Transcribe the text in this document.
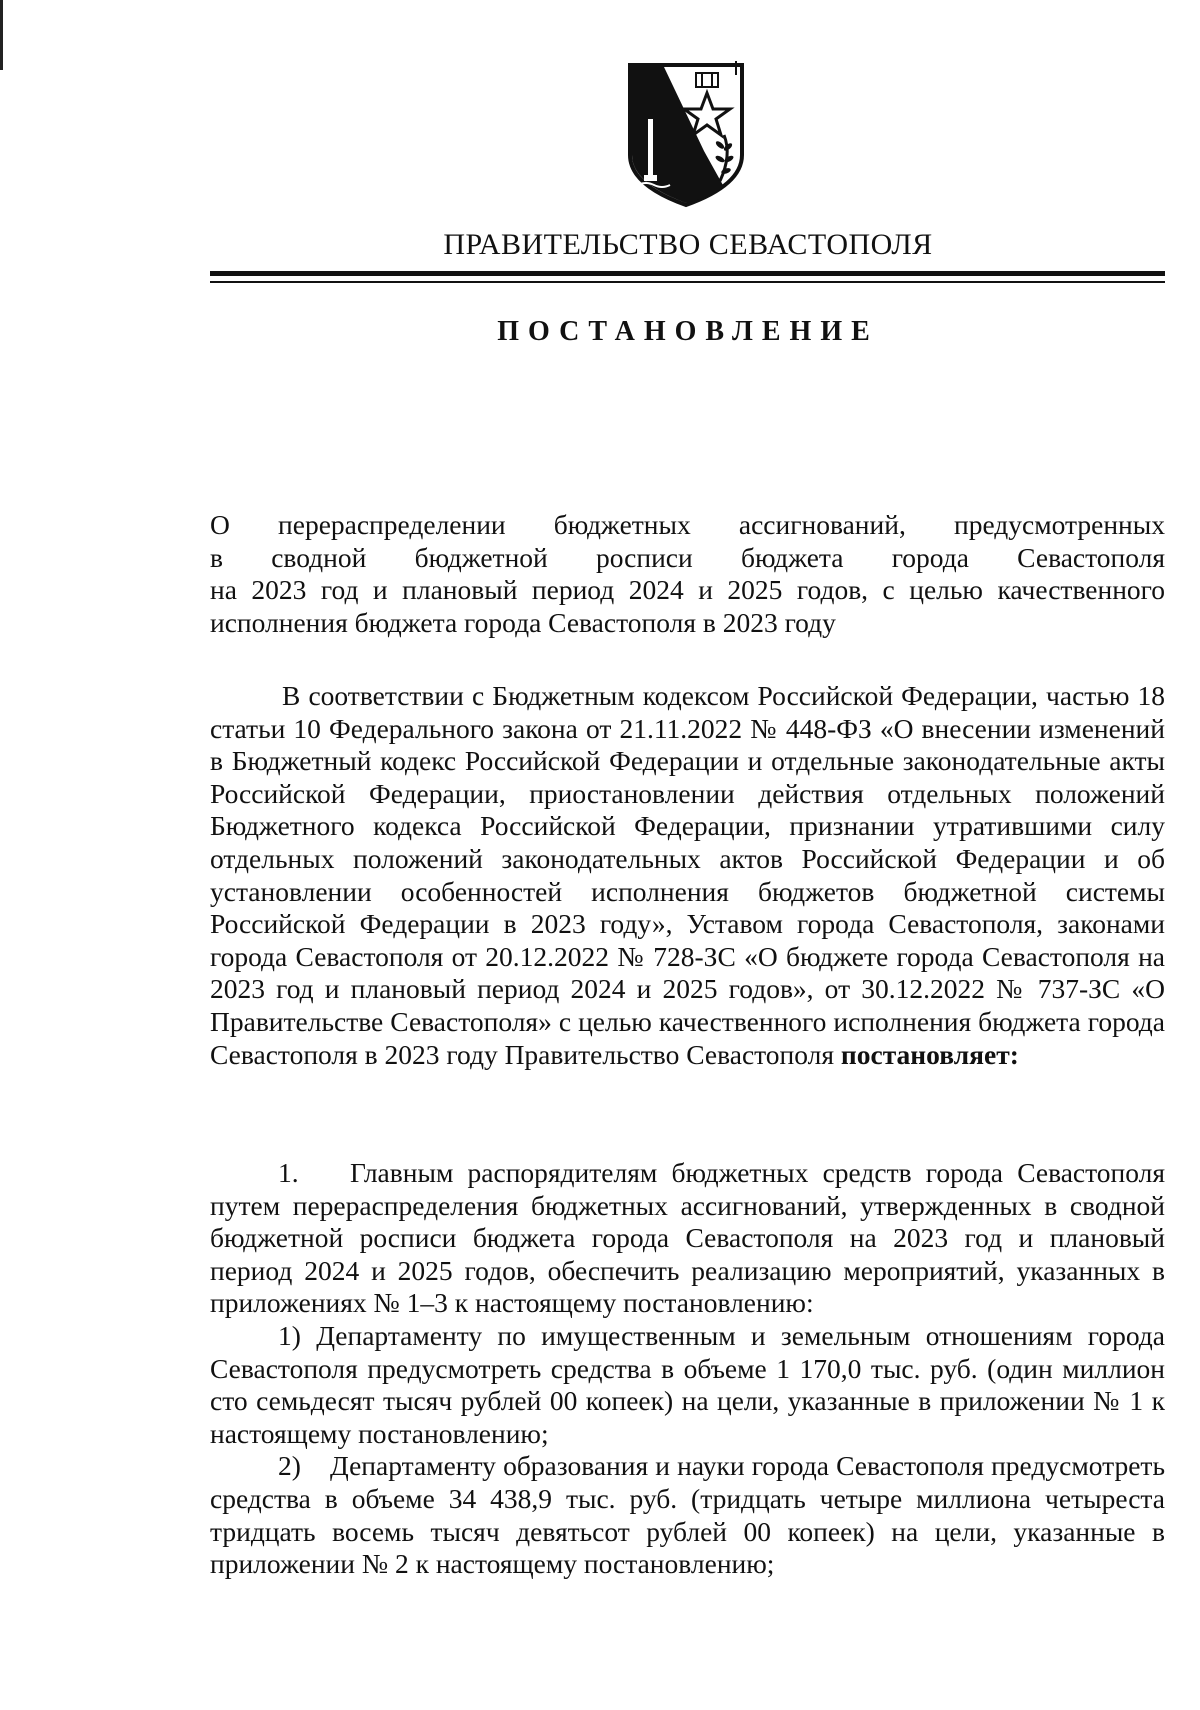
ПРАВИТЕЛЬСТВО СЕВАСТОПОЛЯ
ПОСТАНОВЛЕНИЕ
О перераспределении бюджетных ассигнований, предусмотренных
в сводной бюджетной росписи бюджета города Севастополя
на 2023 год и плановый период 2024 и 2025 годов, с целью качественного
исполнения бюджета города Севастополя в 2023 году
В соответствии с Бюджетным кодексом Российской Федерации, частью 18 статьи 10 Федерального закона от 21.11.2022 № 448-ФЗ «О внесении изменений в Бюджетный кодекс Российской Федерации и отдельные законодательные акты Российской Федерации, приостановлении действия отдельных положений Бюджетного кодекса Российской Федерации, признании утратившими силу отдельных положений законодательных актов Российской Федерации и об установлении особенностей исполнения бюджетов бюджетной системы Российской Федерации в 2023 году», Уставом города Севастополя, законами города Севастополя от 20.12.2022 № 728-ЗС «О бюджете города Севастополя на 2023 год и плановый период 2024 и 2025 годов», от 30.12.2022 № 737-ЗС «О Правительстве Севастополя» с целью качественного исполнения бюджета города Севастополя в 2023 году Правительство Севастополя постановляет:

1. Главным распорядителям бюджетных средств города Севастополя путем перераспределения бюджетных ассигнований, утвержденных в сводной бюджетной росписи бюджета города Севастополя на 2023 год и плановый период 2024 и 2025 годов, обеспечить реализацию мероприятий, указанных в приложениях № 1–3 к настоящему постановлению:

1) Департаменту по имущественным и земельным отношениям города Севастополя предусмотреть средства в объеме 1 170,0 тыс. руб. (один миллион сто семьдесят тысяч рублей 00 копеек) на цели, указанные в приложении № 1 к настоящему постановлению;

2) Департаменту образования и науки города Севастополя предусмотреть средства в объеме 34 438,9 тыс. руб. (тридцать четыре миллиона четыреста тридцать восемь тысяч девятьсот рублей 00 копеек) на цели, указанные в приложении № 2 к настоящему постановлению;
